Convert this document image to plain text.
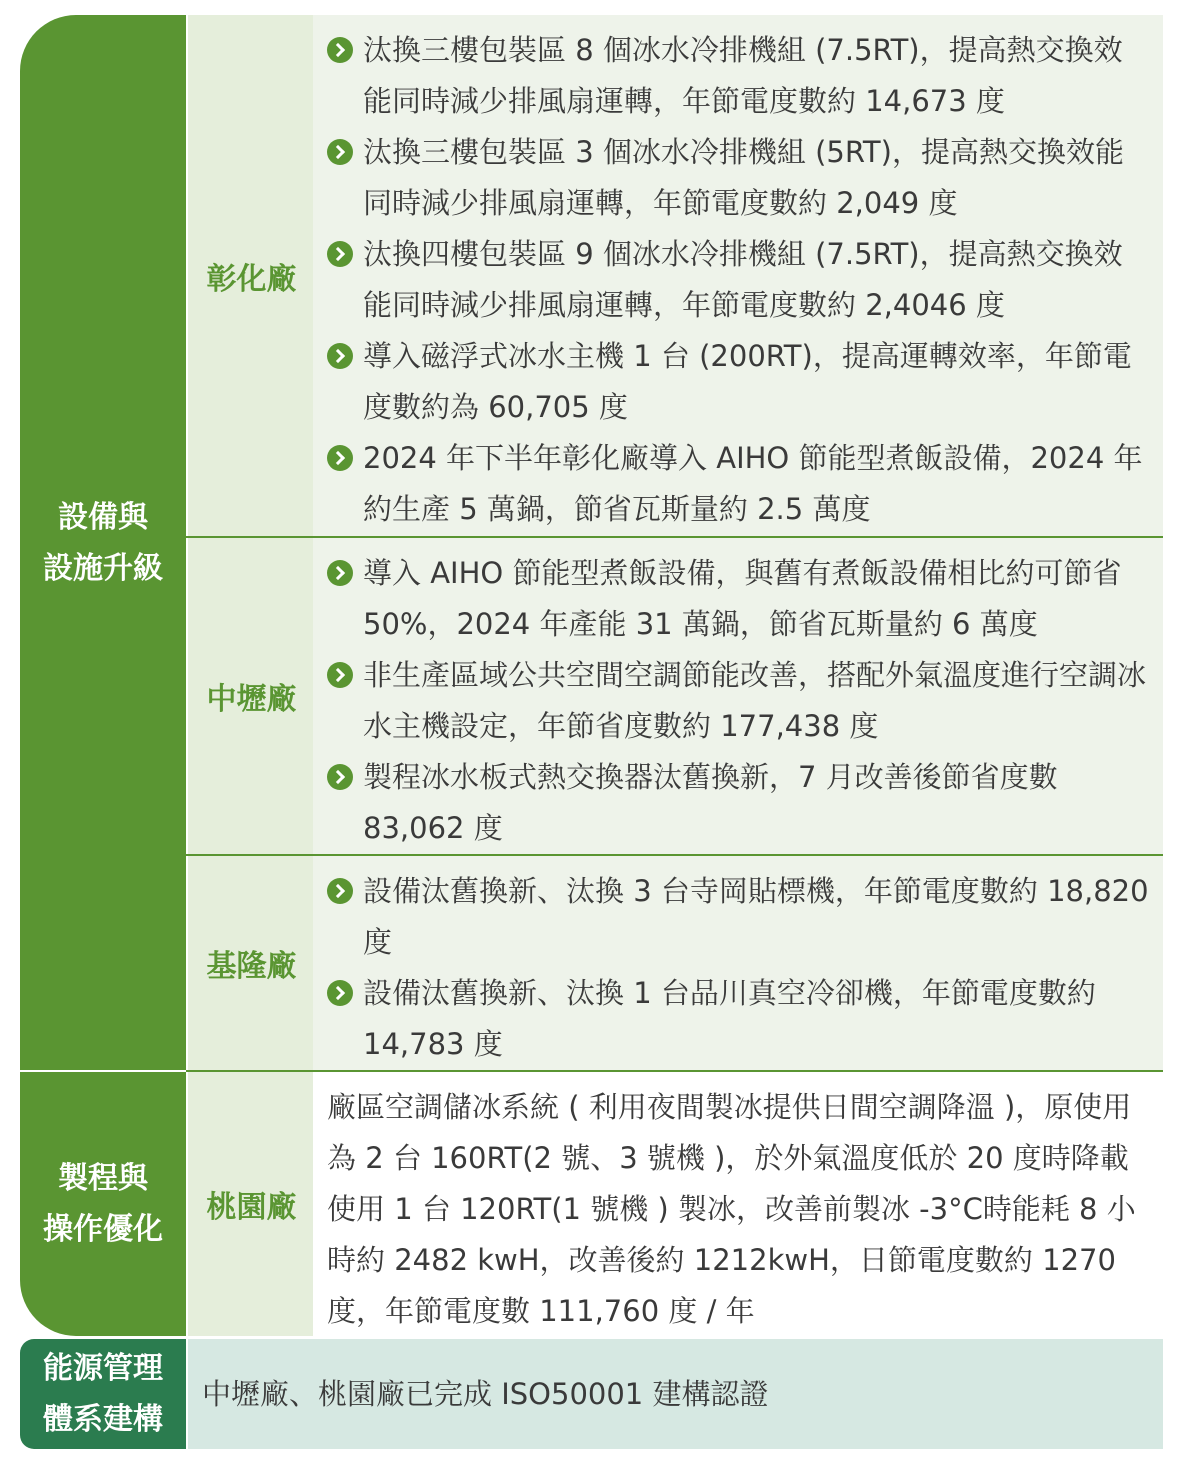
設備與
設施升級
彰化廠
汰換三樓包裝區 8 個冰水冷排機組 (7.5RT)，提高熱交換效能同時減少排風扇運轉，年節電度數約 14,673 度
汰換三樓包裝區 3 個冰水冷排機組 (5RT)，提高熱交換效能同時減少排風扇運轉，年節電度數約 2,049 度
汰換四樓包裝區 9 個冰水冷排機組 (7.5RT)，提高熱交換效能同時減少排風扇運轉，年節電度數約 2,4046 度
導入磁浮式冰水主機 1 台 (200RT)，提高運轉效率，年節電度數約為 60,705 度
2024 年下半年彰化廠導入 AIHO 節能型煮飯設備，2024 年約生產 5 萬鍋，節省瓦斯量約 2.5 萬度
中壢廠
導入 AIHO 節能型煮飯設備，與舊有煮飯設備相比約可節省 50%，2024 年產能 31 萬鍋，節省瓦斯量約 6 萬度
非生產區域公共空間空調節能改善，搭配外氣溫度進行空調冰水主機設定，年節省度數約 177,438 度
製程冰水板式熱交換器汰舊換新，7 月改善後節省度數 83,062 度
基隆廠
設備汰舊換新、汰換 3 台寺岡貼標機，年節電度數約 18,820 度
設備汰舊換新、汰換 1 台品川真空冷卻機，年節電度數約 14,783 度
製程與
操作優化
桃園廠
廠區空調儲冰系統 ( 利用夜間製冰提供日間空調降溫 )，原使用為 2 台 160RT(2 號、3 號機 )，於外氣溫度低於 20 度時降載使用 1 台 120RT(1 號機 ) 製冰，改善前製冰 -3°C時能耗 8 小時約 2482 kwH，改善後約 1212kwH，日節電度數約 1270 度，年節電度數 111,760 度 / 年
能源管理
體系建構
中壢廠、桃園廠已完成 ISO50001 建構認證
